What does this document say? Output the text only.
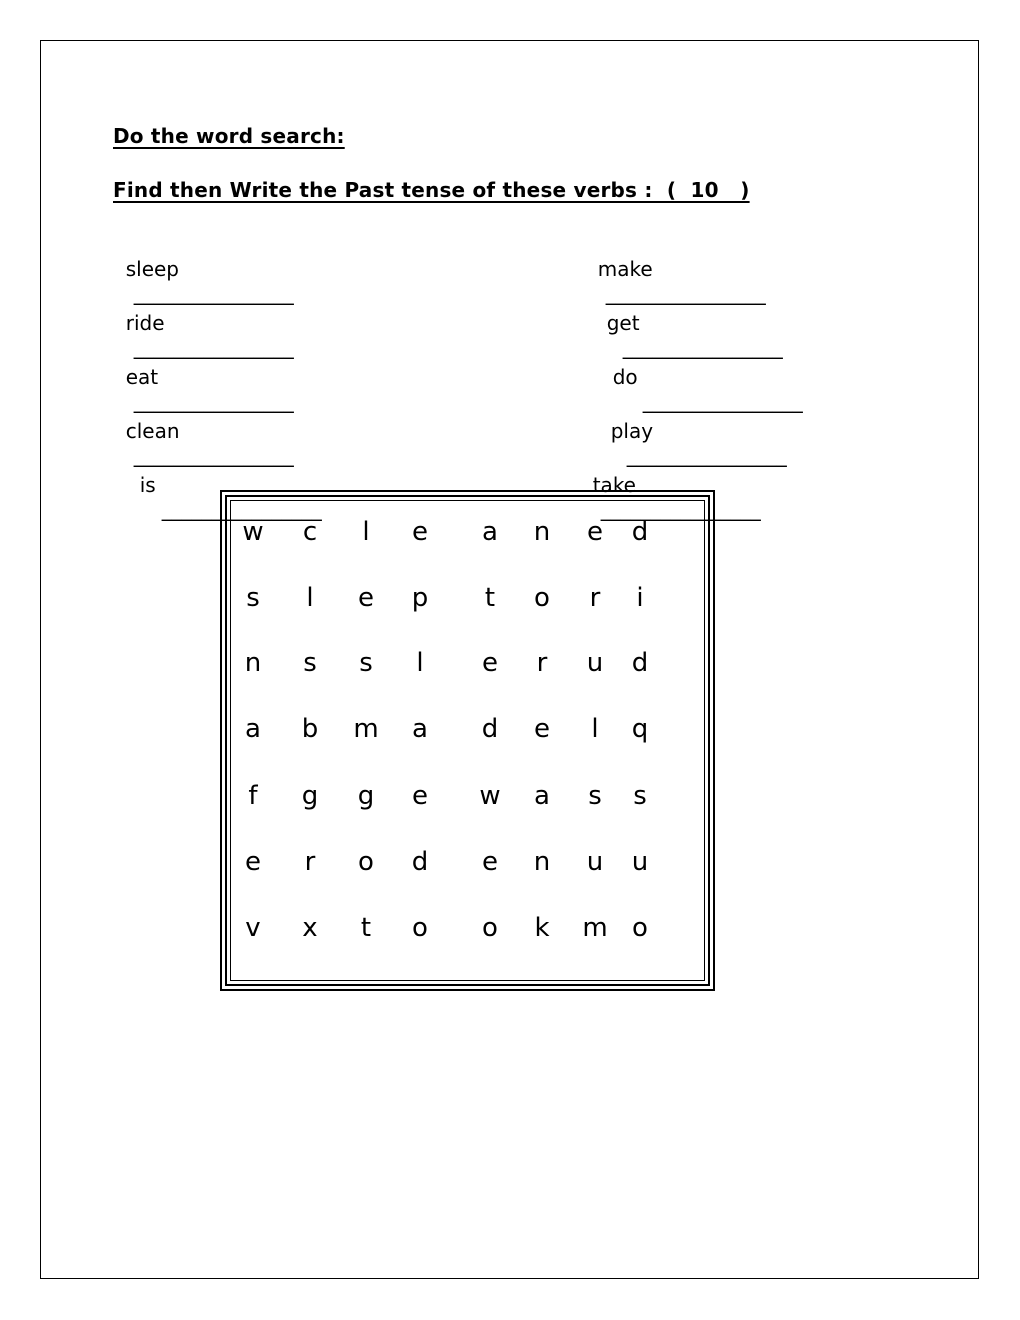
Do the word search:
Find then Write the Past tense of these verbs :  (  10   )

sleep
________________

ride
________________

eat
________________

clean
________________

is
________________

make
________________

get
________________

do
________________

play
________________

take
________________

w c l e a n e d
s l e p t o r i
n s s l e r u d
a b m a d e l q
f g g e w a s s
e r o d e n u u
v x t o o k m o
